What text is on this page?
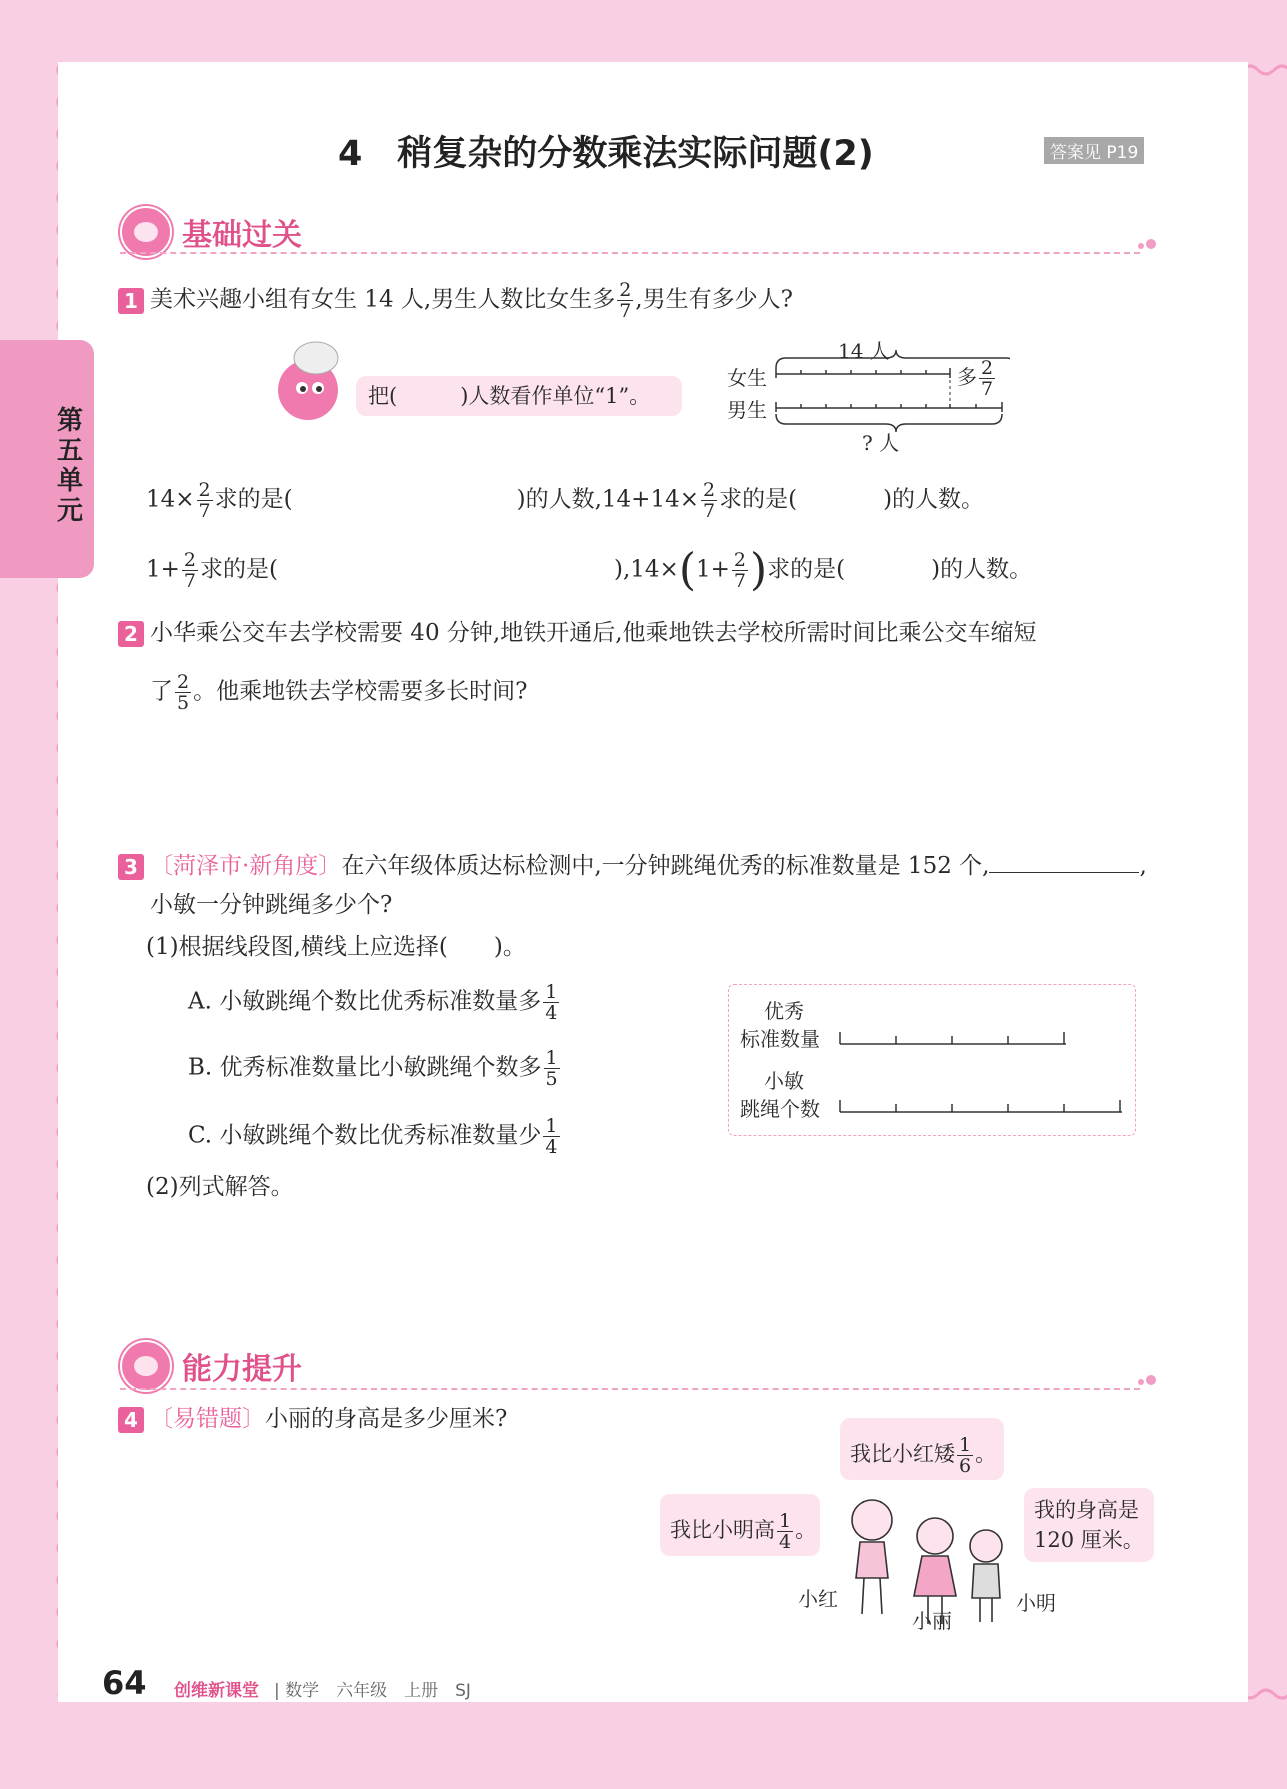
第五单元
4　稍复杂的分数乘法实际问题(2)	答案见 P19
基础过关
1 美术兴趣小组有女生 14 人,男生人数比女生多 $\frac{2}{7}$ ,男生有多少人?
把(　　　)人数看作单位“1”。
女生
男生
14 人
多 $\frac{2}{7}$
? 人
$14\times \frac{2}{7}$ 求的是(	)的人数$,14+14\times \frac{2}{7}$ 求的是(	)的人数。
$1+ \frac{2}{7}$ 求的是(	)$,14\times(1+ \frac{2}{7}$ )求的是(	)的人数。
2 小华乘公交车去学校需要 40 分钟,地铁开通后,他乘地铁去学校所需时间比乘公交车缩短
了 $\frac{2}{5}$ 。他乘地铁去学校需要多长时间?
3 〔菏泽市·新角度〕在六年级体质达标检测中,一分钟跳绳优秀的标准数量是 152 个,	,
小敏一分钟跳绳多少个?
(1)根据线段图,横线上应选择(　　)。
A. 小敏跳绳个数比优秀标准数量多 $\frac{1}{4}$
B. 优秀标准数量比小敏跳绳个数多 $\frac{1}{5}$
C. 小敏跳绳个数比优秀标准数量少 $\frac{1}{4}$
(2)列式解答。
优秀
标准数量
小敏
跳绳个数
能力提升
4 〔易错题〕小丽的身高是多少厘米?
我比小红矮 $\frac{1}{6}$ 。
我比小明高 $\frac{1}{4}$ 。
我的身高是
120 厘米。
小红
小丽
小明
64 创维新课堂 | 数学　六年级　上册　SJ
